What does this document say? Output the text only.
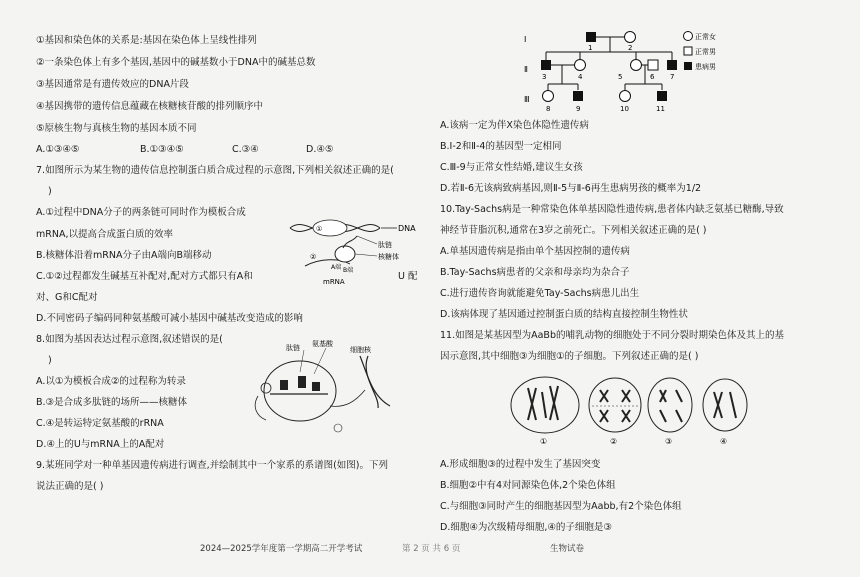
①基因和染色体的关系是:基因在染色体上呈线性排列
②一条染色体上有多个基因,基因中的碱基数小于DNA中的碱基总数
③基因通常是有遗传效应的DNA片段
④基因携带的遗传信息蕴藏在核糖核苷酸的排列顺序中
⑤原核生物与真核生物的基因本质不同
A.①③④⑤	B.①③④⑤	C.③④	D.④⑤
7.如图所示为某生物的遗传信息控制蛋白质合成过程的示意图,下列相关叙述正确的是(
)
A.①过程中DNA分子的两条链可同时作为模板合成
mRNA,以提高合成蛋白质的效率
B.核糖体沿着mRNA分子由A端向B端移动
C.①②过程都发生碱基互补配对,配对方式都只有A和	U 配
对、G和C配对
D.不同密码子编码同种氨基酸可减小基因中碱基改变造成的影响
①	DNA
②
A端 B端
肽链
核糖体
mRNA
8.如图为基因表达过程示意图,叙述错误的是(
)
A.以①为模板合成②的过程称为转录
B.③是合成多肽链的场所——核糖体
C.④是转运特定氨基酸的rRNA
D.④上的U与mRNA上的A配对
肽链 氨基酸
细胞核
9.某班同学对一种单基因遗传病进行调查,并绘制其中一个家系的系谱图(如图)。下列
说法正确的是( )
Ⅰ
Ⅱ
Ⅲ
1	2
3	4	5	6 7
8	9	10	11
正常女
正常男
患病男
A.该病一定为伴X染色体隐性遗传病
B.Ⅰ-2和Ⅱ-4的基因型一定相同
C.Ⅲ-9与正常女性结婚,建议生女孩
D.若Ⅱ-6无该病致病基因,则Ⅱ-5与Ⅱ-6再生患病男孩的概率为1/2
10.Tay-Sachs病是一种常染色体单基因隐性遗传病,患者体内缺乏氨基已糖酶,导致
神经节苷脂沉积,通常在3岁之前死亡。下列相关叙述正确的是( )
A.单基因遗传病是指由单个基因控制的遗传病
B.Tay-Sachs病患者的父亲和母亲均为杂合子
C.进行遗传咨询就能避免Tay-Sachs病患儿出生
D.该病体现了基因通过控制蛋白质的结构直接控制生物性状
11.如图是某基因型为AaBb的哺乳动物的细胞处于不同分裂时期染色体及其上的基
因示意图,其中细胞③为细胞①的子细胞。下列叙述正确的是( )
①	②	③	④
A.形成细胞③的过程中发生了基因突变
B.细胞②中有4对同源染色体,2个染色体组
C.与细胞③同时产生的细胞基因型为Aabb,有2个染色体组
D.细胞④为次级精母细胞,④的子细胞是③
2024—2025学年度第一学期高二开学考试	第 2 页 共 6 页	生物试卷
